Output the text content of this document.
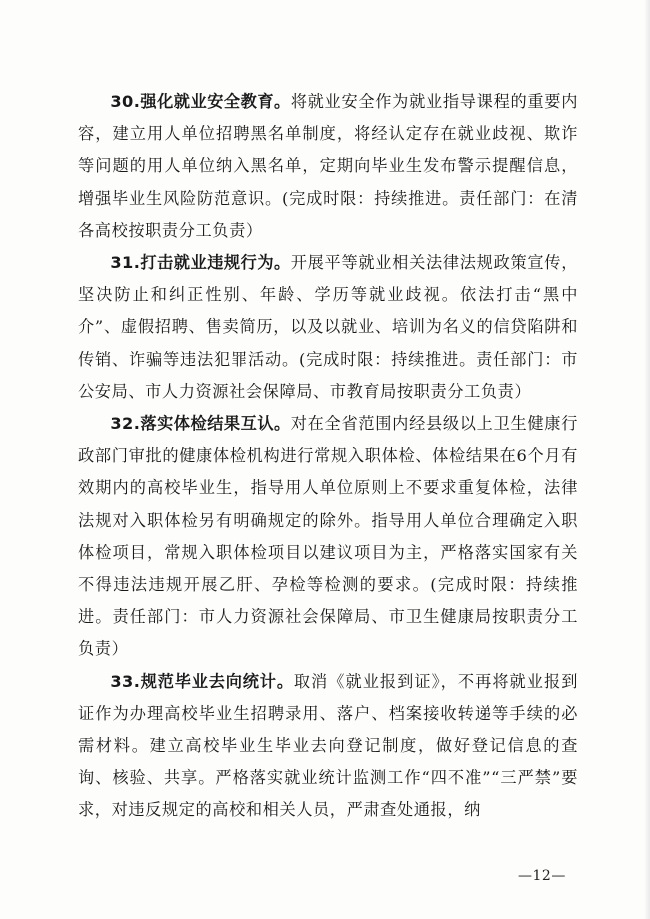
30.强化就业安全教育。将就业安全作为就业指导课程的重要内容，建立用人单位招聘黑名单制度，将经认定存在就业歧视、欺诈等问题的用人单位纳入黑名单，定期向毕业生发布警示提醒信息，增强毕业生风险防范意识。(完成时限：持续推进。责任部门：在清各高校按职责分工负责）

31.打击就业违规行为。开展平等就业相关法律法规政策宣传，坚决防止和纠正性别、年龄、学历等就业歧视。依法打击“黑中介”、虚假招聘、售卖简历，以及以就业、培训为名义的信贷陷阱和传销、诈骗等违法犯罪活动。(完成时限：持续推进。责任部门：市公安局、市人力资源社会保障局、市教育局按职责分工负责）

32.落实体检结果互认。对在全省范围内经县级以上卫生健康行政部门审批的健康体检机构进行常规入职体检、体检结果在6个月有效期内的高校毕业生，指导用人单位原则上不要求重复体检，法律法规对入职体检另有明确规定的除外。指导用人单位合理确定入职体检项目，常规入职体检项目以建议项目为主，严格落实国家有关不得违法违规开展乙肝、孕检等检测的要求。(完成时限：持续推进。责任部门：市人力资源社会保障局、市卫生健康局按职责分工负责）

33.规范毕业去向统计。取消《就业报到证》，不再将就业报到证作为办理高校毕业生招聘录用、落户、档案接收转递等手续的必需材料。建立高校毕业生毕业去向登记制度，做好登记信息的查询、核验、共享。严格落实就业统计监测工作“四不准”“三严禁”要求，对违反规定的高校和相关人员，严肃查处通报，纳

—12—
